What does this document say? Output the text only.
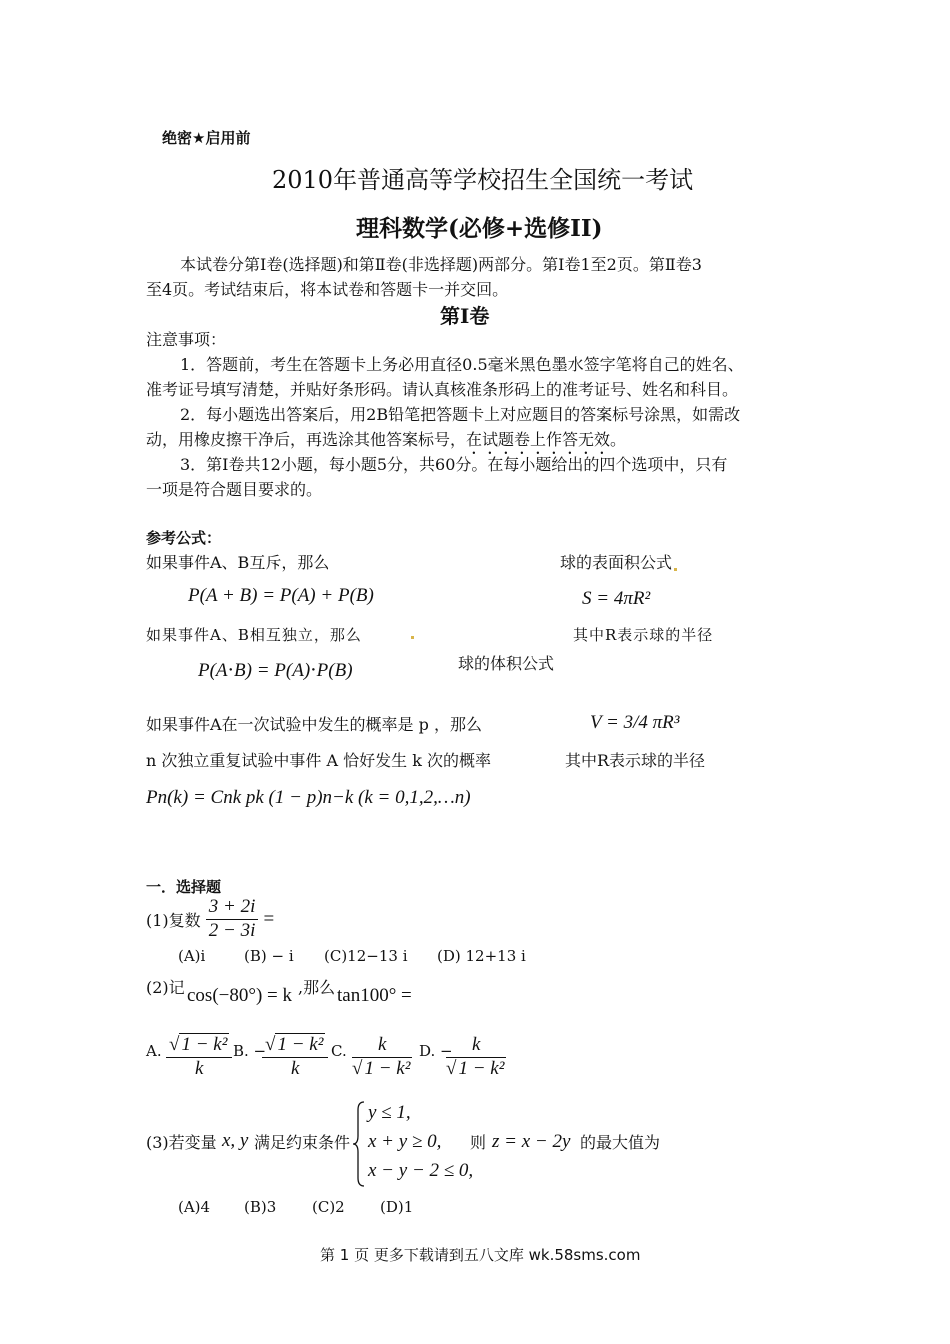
绝密★启用前
2010年普通高等学校招生全国统一考试
理科数学(必修+选修II)
本试卷分第Ⅰ卷(选择题)和第Ⅱ卷(非选择题)两部分。第Ⅰ卷1至2页。第Ⅱ卷3
至4页。考试结束后，将本试卷和答题卡一并交回。
第Ⅰ卷
注意事项：
1．答题前，考生在答题卡上务必用直径0.5毫米黑色墨水签字笔将自己的姓名、
准考证号填写清楚，并贴好条形码。请认真核准条形码上的准考证号、姓名和科目。
2．每小题选出答案后，用2B铅笔把答题卡上对应题目的答案标号涂黑，如需改
动，用橡皮擦干净后，再选涂其他答案标号，在试题卷上作答无效。
3．第Ⅰ卷共12小题，每小题5分，共60分。在每小题给出的四个选项中，只有
一项是符合题目要求的。
参考公式：
如果事件A、B互斥，那么
P(A + B) = P(A) + P(B)
如果事件A、B相互独立，那么
P(A⋅B) = P(A)⋅P(B)
如果事件A在一次试验中发生的概率是 p ，那么
n 次独立重复试验中事件 A 恰好发生 k 次的概率
Pn(k) = Cnk pk (1 − p)n−k (k = 0,1,2,…n)
球的表面积公式
S = 4πR²
其中R表示球的半径
球的体积公式
V = 3/4 πR³
其中R表示球的半径
一．选择题
(1)复数 $\frac{3 + 2i}{2 - 3i}$ =
(A)i	(B) − i (C)12−13 i (D) 12+13 i
(2)记 cos(−80°) = k ,那么 tan100° =
A. $\frac{\text{√ 1 − k²}}{k} B$. −
$\frac{\text{√ 1 − k²}}{k} C$. $\frac{k}{\text{√ 1 − k²}} D$. −
$\frac{k}{\text{√ 1 − k²}}$
(3)若变量 x, y 满足约束条件
y ≤ 1,
x + y ≥ 0,
x − y − 2 ≤ 0,
则 z = x − 2y 的最大值为
(A)4 (B)3 (C)2 (D)1
第 1 页 更多下载请到五八文库 wk.58sms.com
